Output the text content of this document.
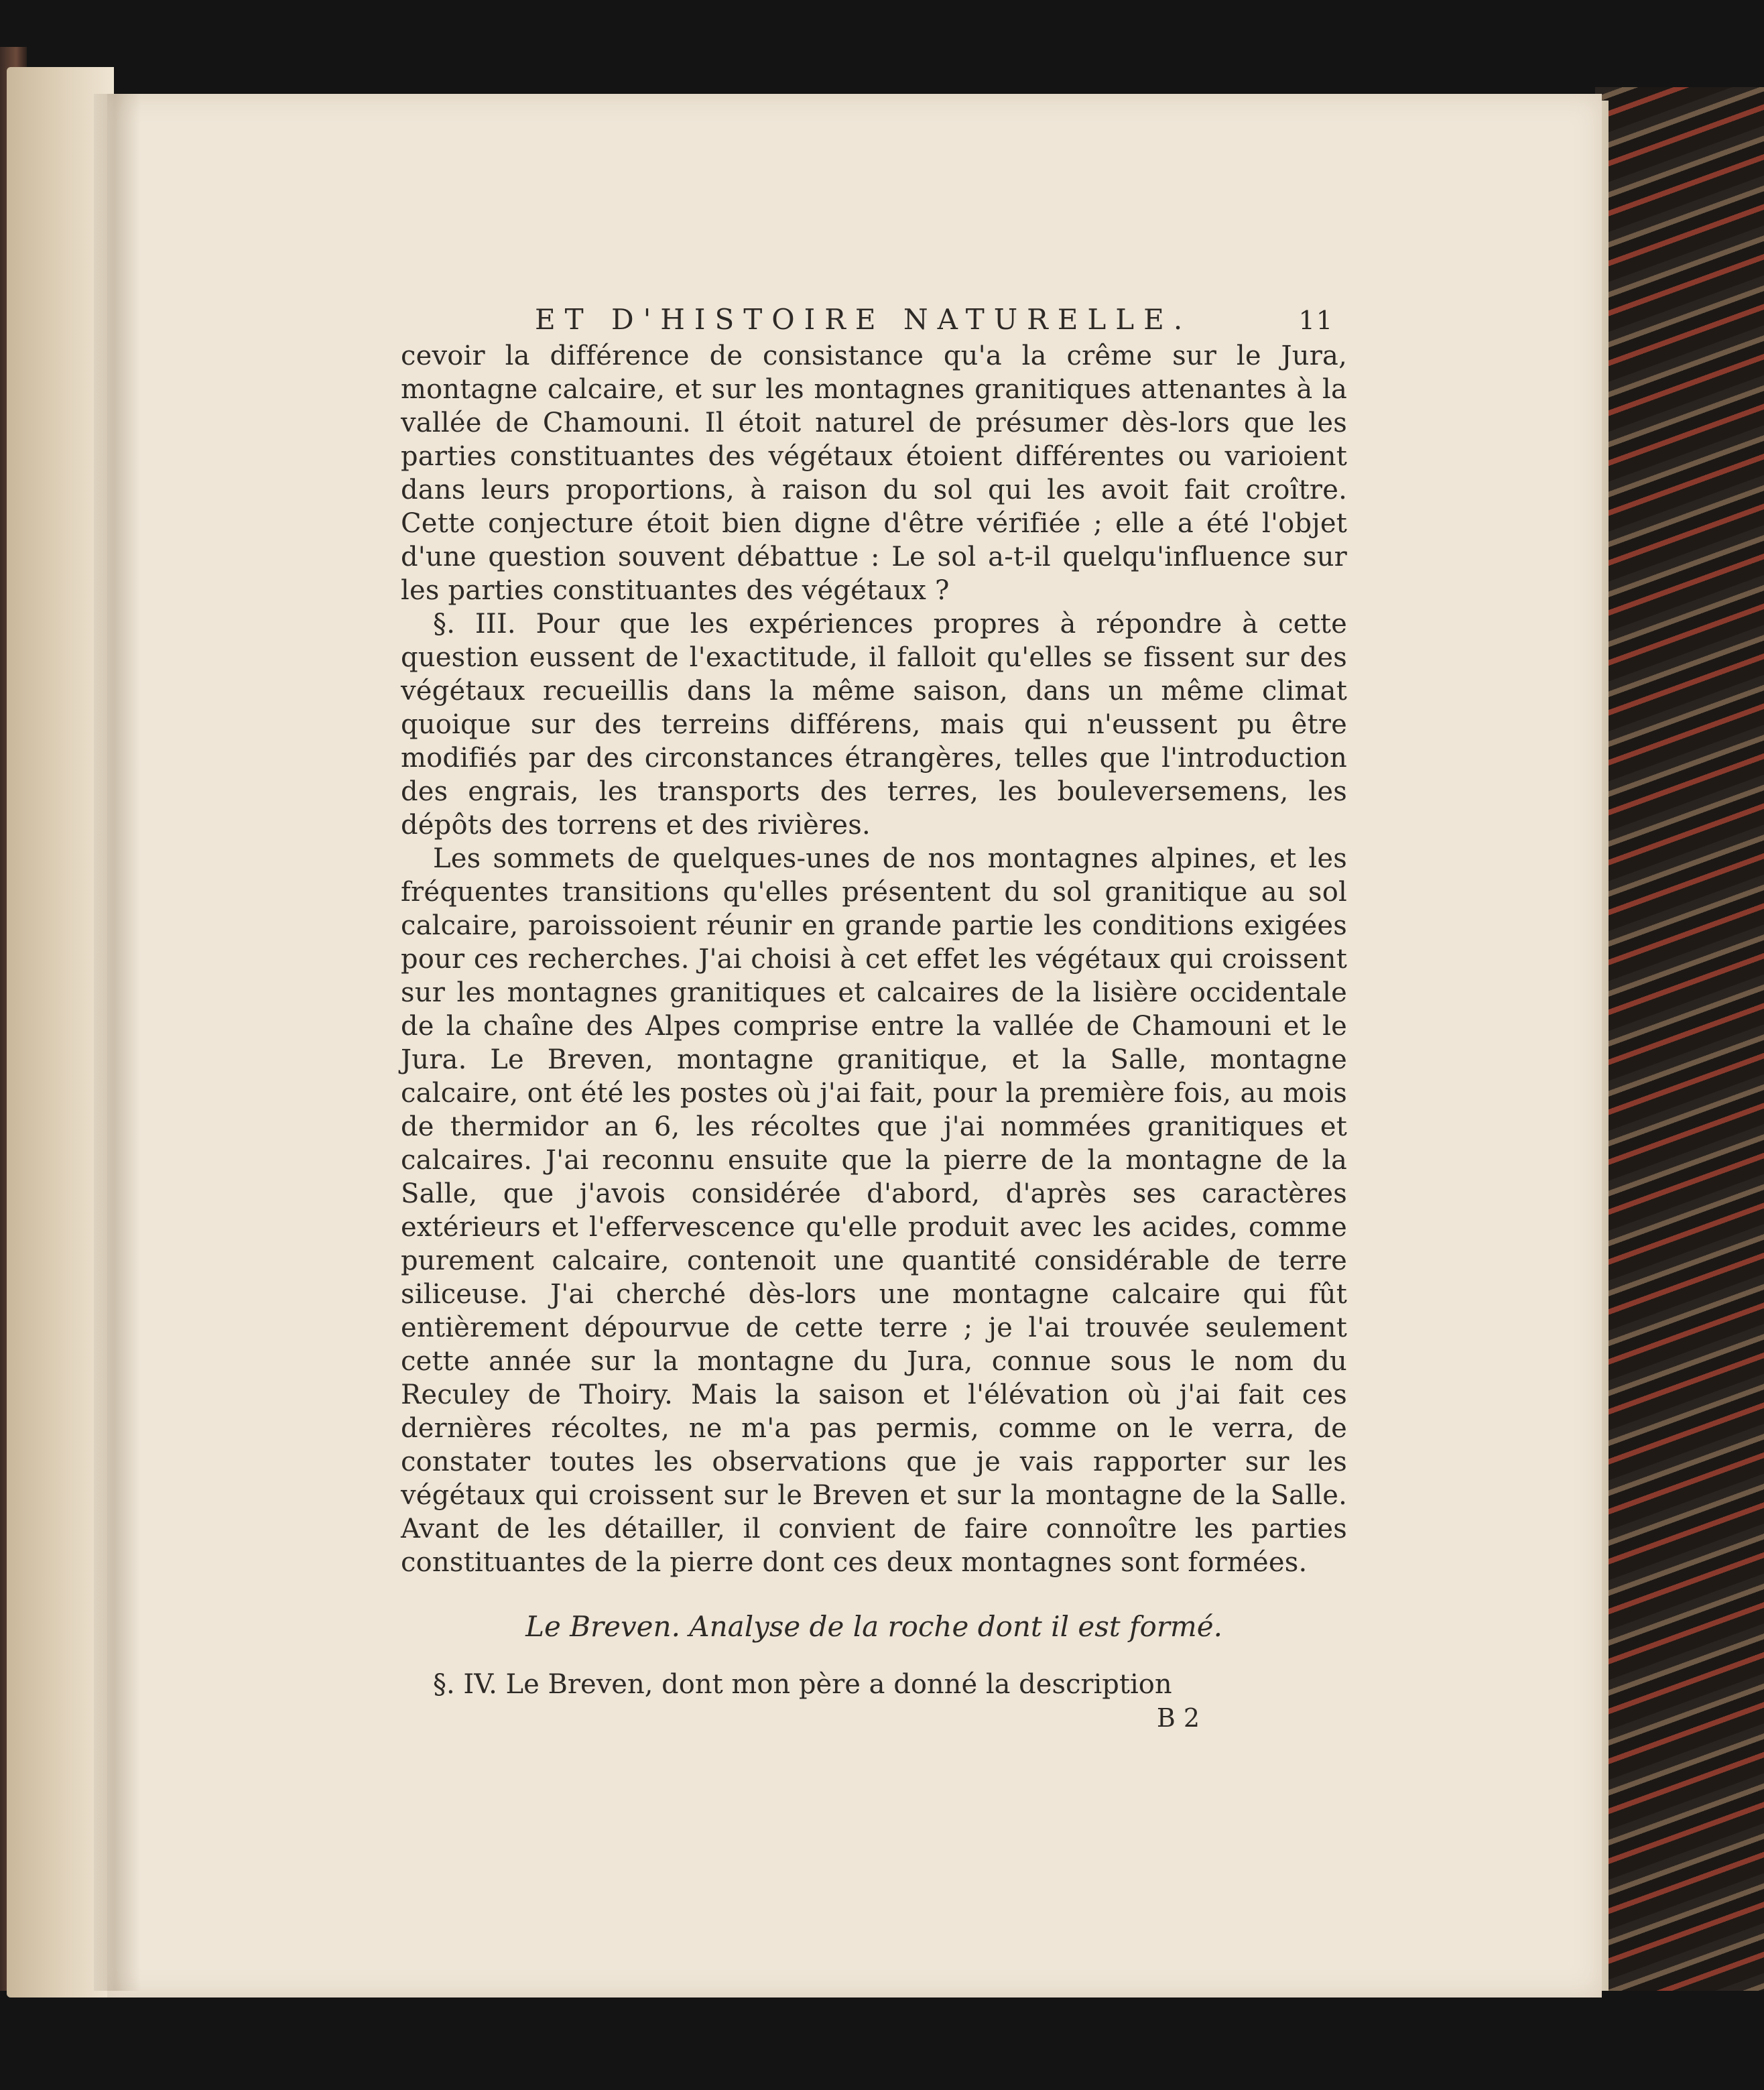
ET D'HISTOIRE NATURELLE.	11

cevoir la différence de consistance qu'a la crême sur le Jura, montagne calcaire, et sur les montagnes granitiques attenantes à la vallée de Chamouni. Il étoit naturel de présumer dès-lors que les parties constituantes des végétaux étoient différentes ou varioient dans leurs proportions, à raison du sol qui les avoit fait croître. Cette conjecture étoit bien digne d'être vérifiée ; elle a été l'objet d'une question souvent débattue : Le sol a-t-il quelqu'influence sur les parties constituantes des végétaux ?

§. III. Pour que les expériences propres à répondre à cette question eussent de l'exactitude, il falloit qu'elles se fissent sur des végétaux recueillis dans la même saison, dans un même climat quoique sur des terreins différens, mais qui n'eussent pu être modifiés par des circonstances étrangères, telles que l'introduction des engrais, les transports des terres, les bouleversemens, les dépôts des torrens et des rivières.

Les sommets de quelques-unes de nos montagnes alpines, et les fréquentes transitions qu'elles présentent du sol granitique au sol calcaire, paroissoient réunir en grande partie les conditions exigées pour ces recherches. J'ai choisi à cet effet les végétaux qui croissent sur les montagnes granitiques et calcaires de la lisière occidentale de la chaîne des Alpes comprise entre la vallée de Chamouni et le Jura. Le Breven, montagne granitique, et la Salle, montagne calcaire, ont été les postes où j'ai fait, pour la première fois, au mois de thermidor an 6, les récoltes que j'ai nommées granitiques et calcaires. J'ai reconnu ensuite que la pierre de la montagne de la Salle, que j'avois considérée d'abord, d'après ses caractères extérieurs et l'effervescence qu'elle produit avec les acides, comme purement calcaire, contenoit une quantité considérable de terre siliceuse. J'ai cherché dès-lors une montagne calcaire qui fût entièrement dépourvue de cette terre ; je l'ai trouvée seulement cette année sur la montagne du Jura, connue sous le nom du Reculey de Thoiry. Mais la saison et l'élévation où j'ai fait ces dernières récoltes, ne m'a pas permis, comme on le verra, de constater toutes les observations que je vais rapporter sur les végétaux qui croissent sur le Breven et sur la montagne de la Salle. Avant de les détailler, il convient de faire connoître les parties constituantes de la pierre dont ces deux montagnes sont formées.

Le Breven. Analyse de la roche dont il est formé.
§. IV. Le Breven, dont mon père a donné la description
B 2
